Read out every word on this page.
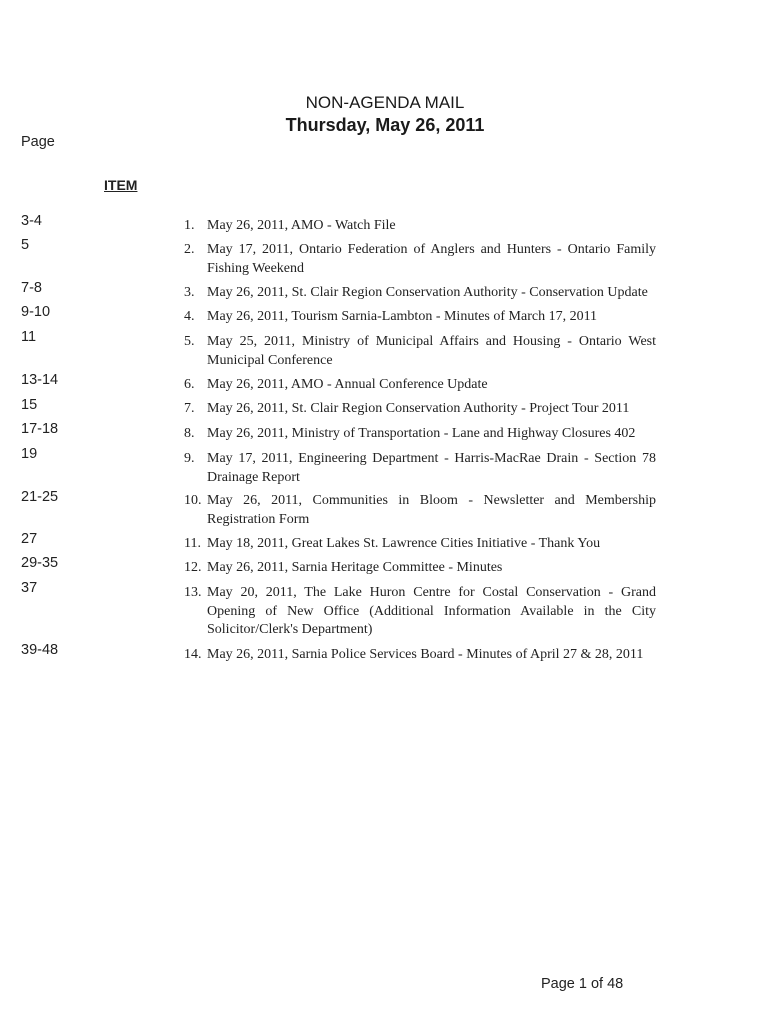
NON-AGENDA MAIL
Thursday, May 26, 2011
Page
ITEM
3-4
5
7-8
9-10
11
13-14
15
17-18
19
21-25
27
29-35
37
39-48
1. May 26, 2011, AMO - Watch File
2. May 17, 2011, Ontario Federation of Anglers and Hunters - Ontario Family Fishing Weekend
3. May 26, 2011, St. Clair Region Conservation Authority - Conservation Update
4. May 26, 2011, Tourism Sarnia-Lambton - Minutes of March 17, 2011
5. May 25, 2011, Ministry of Municipal Affairs and Housing - Ontario West Municipal Conference
6. May 26, 2011, AMO - Annual Conference Update
7. May 26, 2011, St. Clair Region Conservation Authority - Project Tour 2011
8. May 26, 2011, Ministry of Transportation - Lane and Highway Closures 402
9. May 17, 2011, Engineering Department - Harris-MacRae Drain - Section 78 Drainage Report
10. May 26, 2011, Communities in Bloom - Newsletter and Membership Registration Form
11. May 18, 2011, Great Lakes St. Lawrence Cities Initiative - Thank You
12. May 26, 2011, Sarnia Heritage Committee - Minutes
13. May 20, 2011, The Lake Huron Centre for Costal Conservation - Grand Opening of New Office (Additional Information Available in the City Solicitor/Clerk's Department)
14. May 26, 2011, Sarnia Police Services Board - Minutes of April 27 & 28, 2011
Page 1 of 48
